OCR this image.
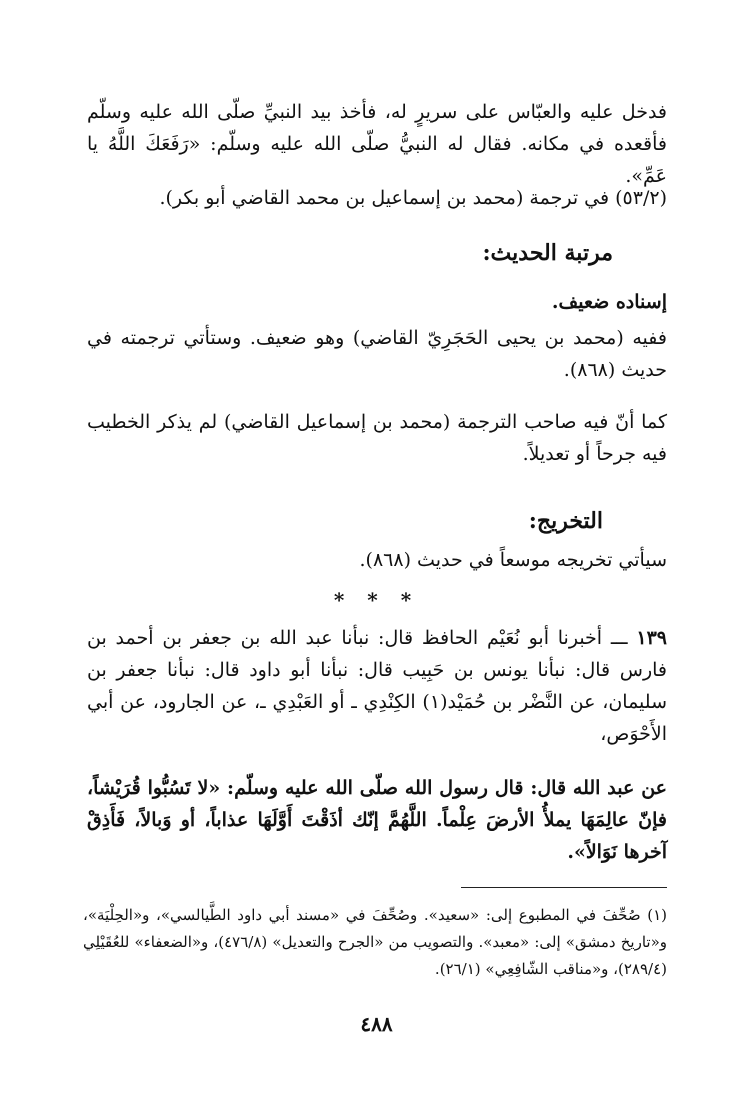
فدخل عليه والعبّاس على سريرٍ له، فأخذ بيد النبيِّ صلّى الله عليه وسلّم فأقعده في مكانه. فقال له النبيُّ صلّى الله عليه وسلّم: «رَفَعَكَ اللَّهُ يا عَمِّ».
(٥٣/٢) في ترجمة (محمد بن إسماعيل بن محمد القاضي أبو بكر).
مرتبة الحديث:
إسناده ضعيف.
ففيه (محمد بن يحيى الحَجَرِيّ القاضي) وهو ضعيف. وستأتي ترجمته في حديث (٨٦٨).
كما أنّ فيه صاحب الترجمة (محمد بن إسماعيل القاضي) لم يذكر الخطيب فيه جرحاً أو تعديلاً.
التخريج:
سيأتي تخريجه موسعاً في حديث (٨٦٨).
* * *
١٣٩ ـــ أخبرنا أبو نُعَيْم الحافظ قال: نبأنا عبد الله بن جعفر بن أحمد بن فارس قال: نبأنا يونس بن حَبِيب قال: نبأنا أبو داود قال: نبأنا جعفر بن سليمان، عن النَّضْر بن حُمَيْد(١) الكِنْدِي ـ أو العَبْدِي ـ، عن الجارود، عن أبي الأَحْوَص،
عن عبد الله قال: قال رسول الله صلّى الله عليه وسلّم: «لا تَسُبُّوا قُرَيْشاً، فإنّ عالِمَهَا يملأُ الأرضَ عِلْماً. اللَّهُمَّ إنّك أذَقْتَ أَوَّلَهَا عذاباً، أو وَبالاً، فَأَذِقْ آخرها نَوَالاً».
(١) صُحِّفَ في المطبوع إلى: «سعيد». وصُحِّفَ في «مسند أبي داود الطَّيالسي»، و«الحِلْيَة»، و«تاريخ دمشق» إلى: «معبد». والتصويب من «الجرح والتعديل» (٤٧٦/٨)، و«الضعفاء» للعُقَيْلِي (٢٨٩/٤)، و«مناقب الشّافِعِي» (٢٦/١).
٤٨٨
